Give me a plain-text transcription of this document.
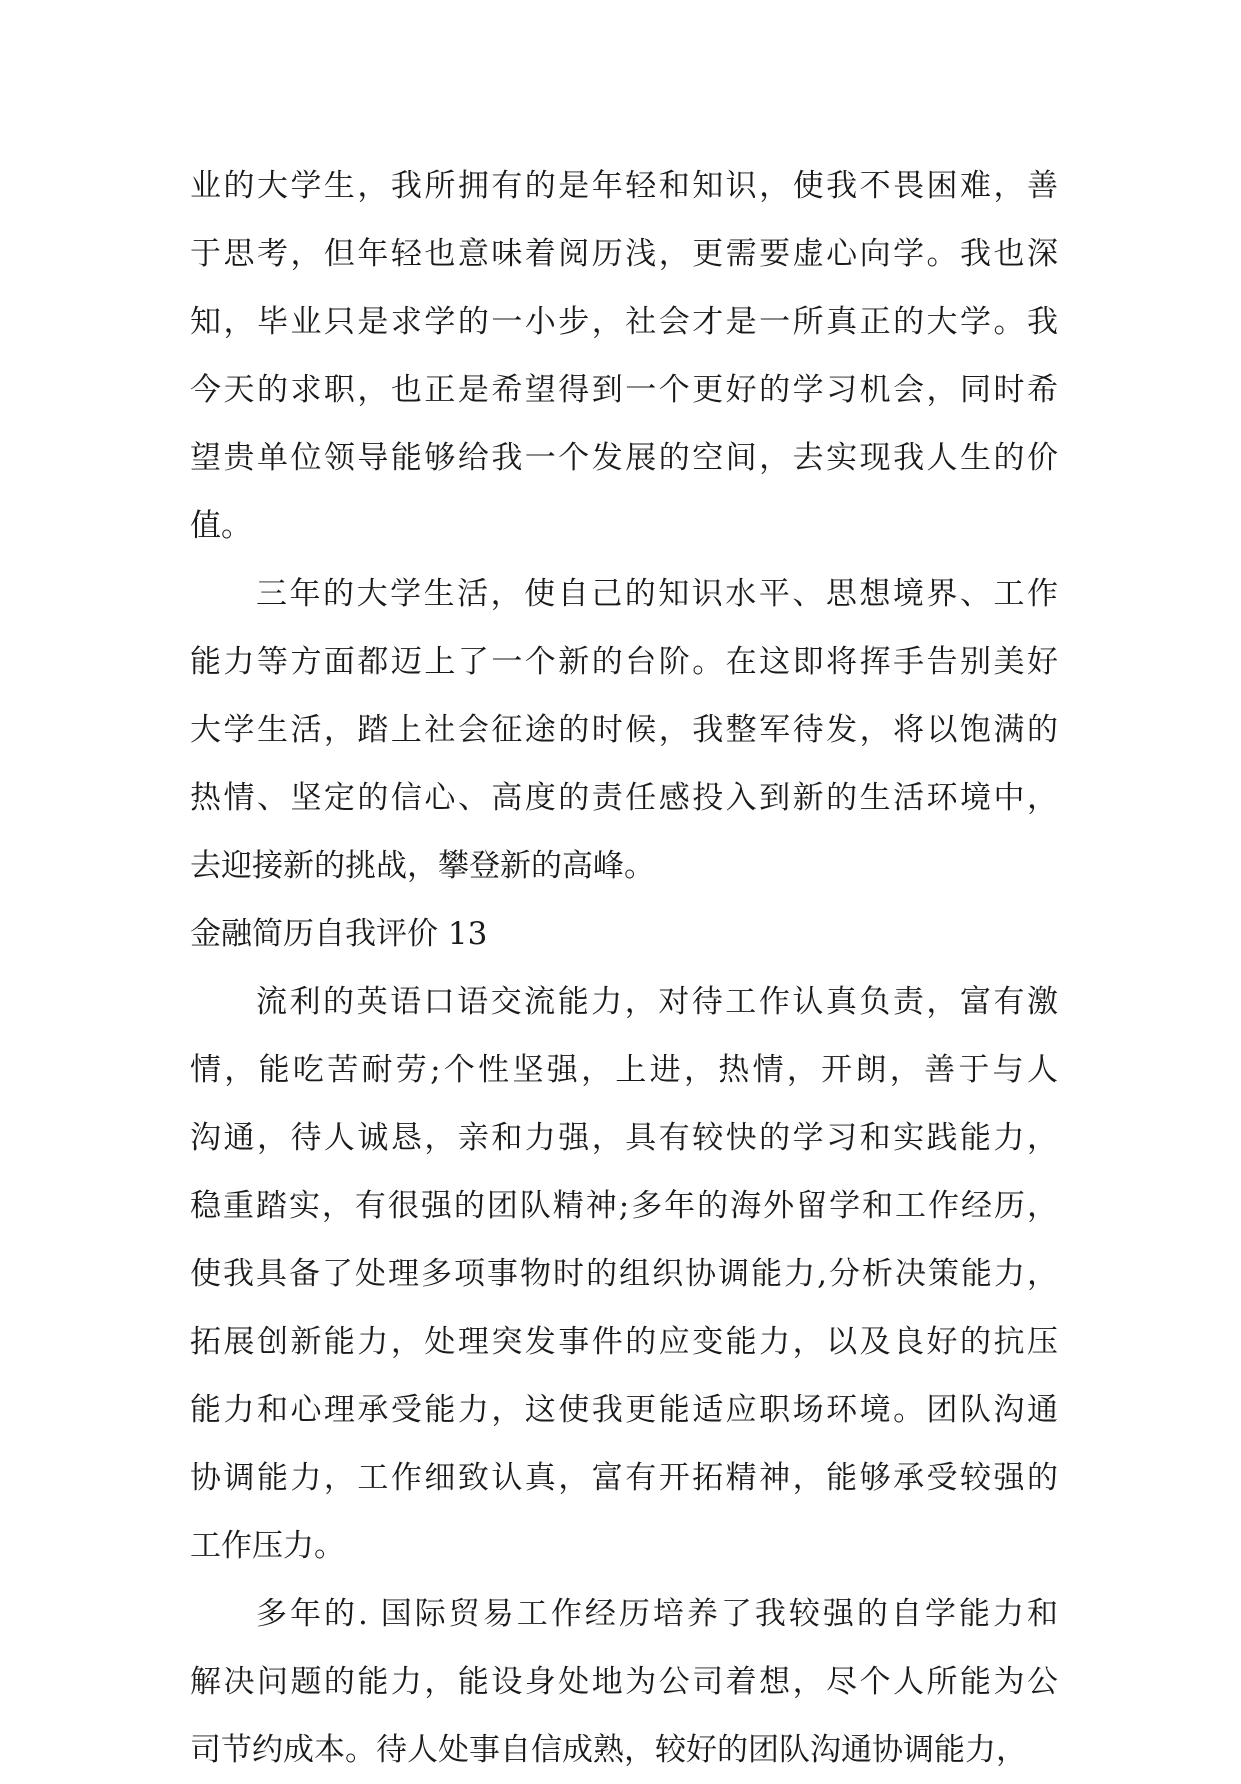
业的大学生，我所拥有的是年轻和知识，使我不畏困难，善
于思考，但年轻也意味着阅历浅，更需要虚心向学。我也深
知，毕业只是求学的一小步，社会才是一所真正的大学。我
今天的求职，也正是希望得到一个更好的学习机会，同时希
望贵单位领导能够给我一个发展的空间，去实现我人生的价
值。
三年的大学生活，使自己的知识水平、思想境界、工作
能力等方面都迈上了一个新的台阶。在这即将挥手告别美好
大学生活，踏上社会征途的时候，我整军待发，将以饱满的
热情、坚定的信心、高度的责任感投入到新的生活环境中，
去迎接新的挑战，攀登新的高峰。
金融简历自我评价 13
流利的英语口语交流能力，对待工作认真负责，富有激
情，能吃苦耐劳;个性坚强，上进，热情，开朗，善于与人
沟通，待人诚恳，亲和力强，具有较快的学习和实践能力，
稳重踏实，有很强的团队精神;多年的海外留学和工作经历，
使我具备了处理多项事物时的组织协调能力,分析决策能力，
拓展创新能力，处理突发事件的应变能力，以及良好的抗压
能力和心理承受能力，这使我更能适应职场环境。团队沟通
协调能力，工作细致认真，富有开拓精神，能够承受较强的
工作压力。
多年的. 国际贸易工作经历培养了我较强的自学能力和
解决问题的能力，能设身处地为公司着想，尽个人所能为公
司节约成本。待人处事自信成熟，较好的团队沟通协调能力，
